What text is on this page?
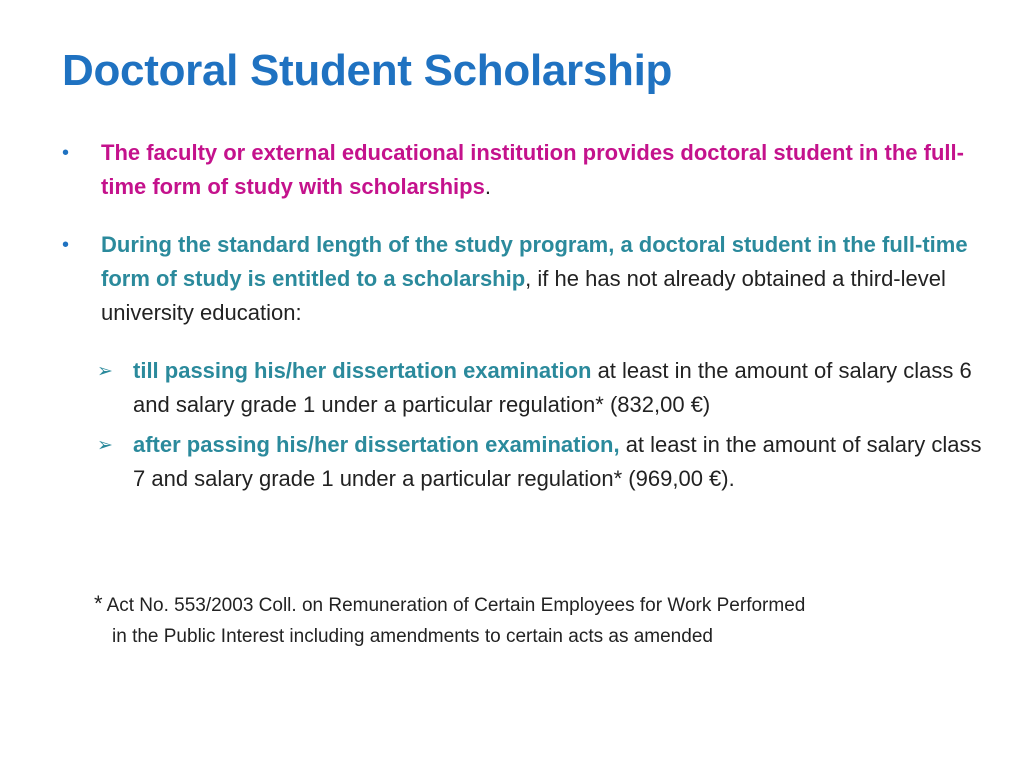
Doctoral Student Scholarship
•	The faculty or external educational institution provides doctoral student in the full-time form of study with scholarships.
•	During the standard length of the study program, a doctoral student in the full-time form of study is entitled to a scholarship, if he has not already obtained a third-level university education:
➢ till passing his/her dissertation examination at least in the amount of salary class 6 and salary grade 1 under a particular regulation* (832,00 €)
➢ after passing his/her dissertation examination, at least in the amount of salary class 7 and salary grade 1 under a particular regulation* (969,00 €).
* Act No. 553/2003 Coll. on Remuneration of Certain Employees for Work Performed
in the Public Interest including amendments to certain acts as amended
